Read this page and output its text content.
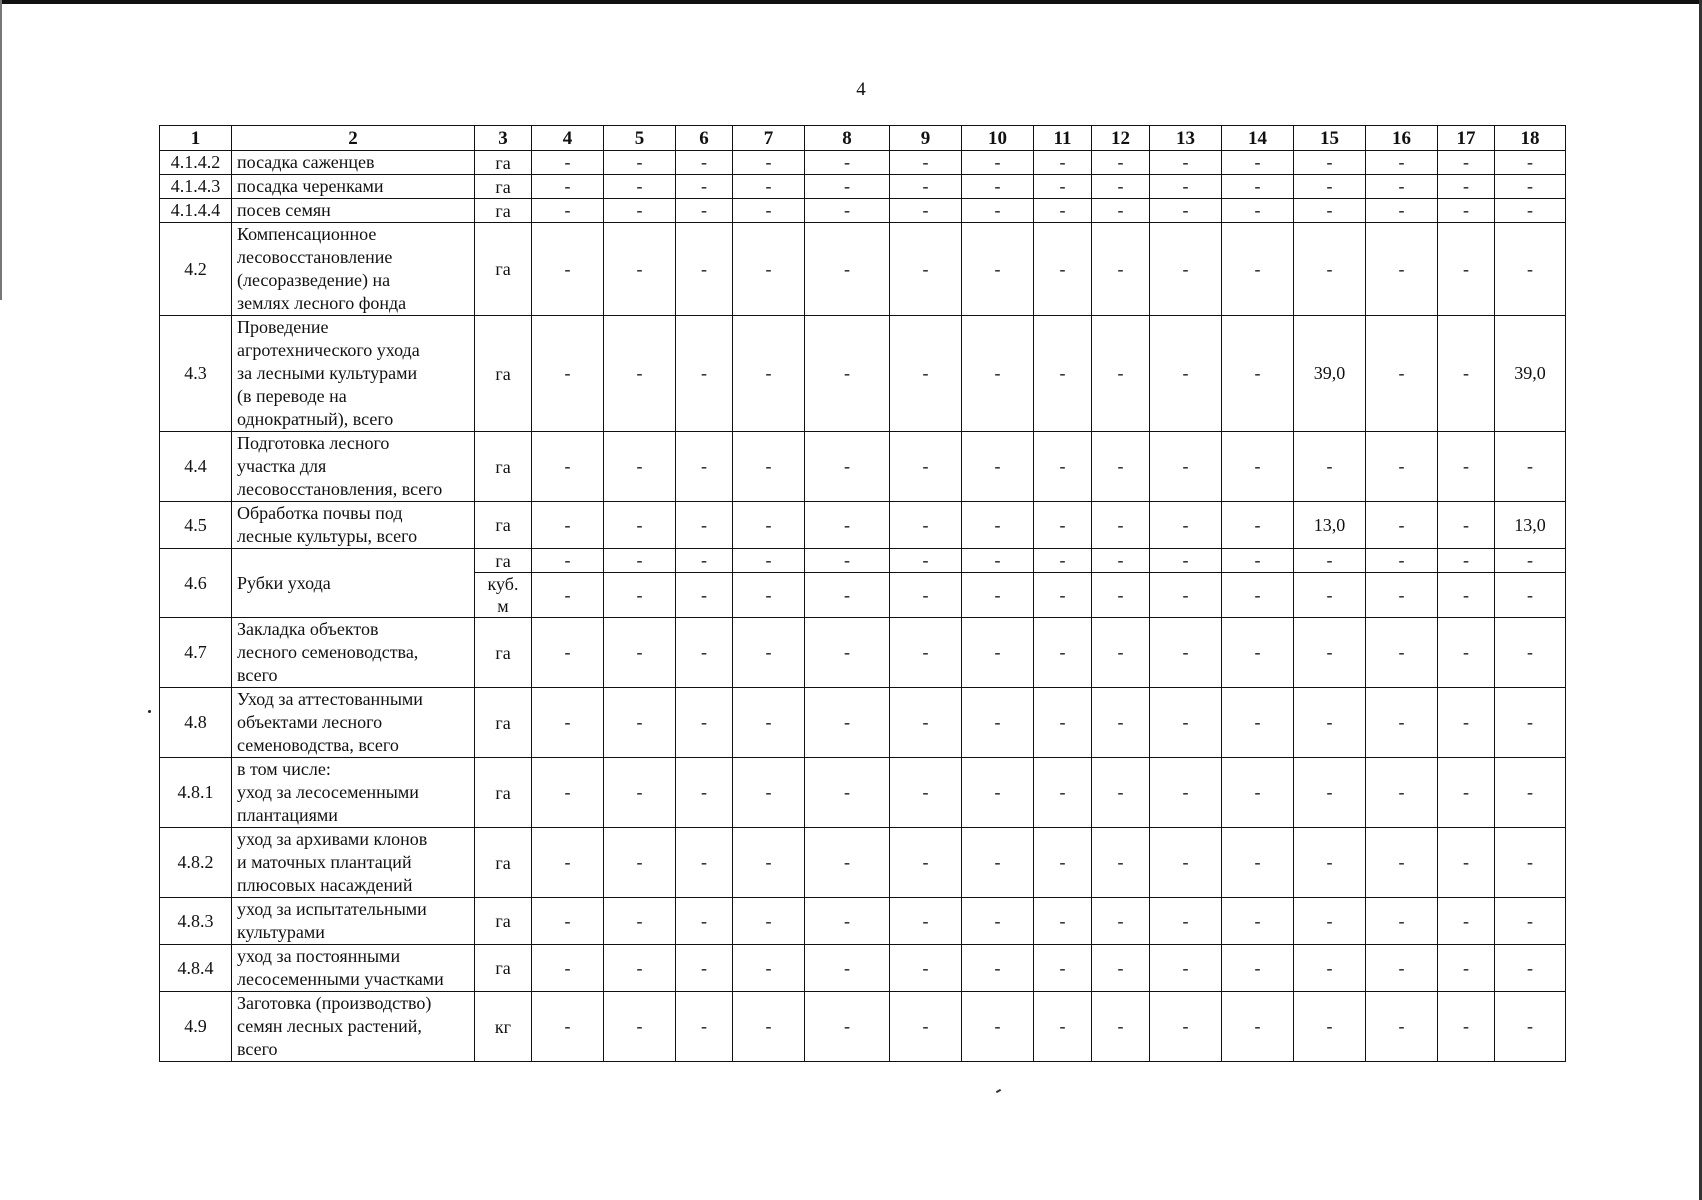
4
1	2	3	4	5	6	7	8	9	10	11	12	13	14	15	16	17	18
4.1.4.2	посадка саженцев	га	-	-	-	-	-	-	-	-	-	-	-	-	-	-	-
4.1.4.3	посадка черенками	га	-	-	-	-	-	-	-	-	-	-	-	-	-	-	-
4.1.4.4	посев семян	га	-	-	-	-	-	-	-	-	-	-	-	-	-	-	-
4.2	Компенсационное
лесовосстановление
(лесоразведение) на
землях лесного фонда	га	-	-	-	-	-	-	-	-	-	-	-	-	-	-	-
4.3	Проведение
агротехнического ухода
за лесными культурами
(в переводе на
однократный), всего	га	-	-	-	-	-	-	-	-	-	-	-	39,0	-	-	39,0
4.4	Подготовка лесного
участка для
лесовосстановления, всего	га	-	-	-	-	-	-	-	-	-	-	-	-	-	-	-
4.5	Обработка почвы под
лесные культуры, всего	га	-	-	-	-	-	-	-	-	-	-	-	13,0	-	-	13,0
4.6	Рубки ухода	га	-	-	-	-	-	-	-	-	-	-	-	-	-	-	-
		куб.
м	-	-	-	-	-	-	-	-	-	-	-	-	-	-	-
4.7	Закладка объектов
лесного семеноводства,
всего	га	-	-	-	-	-	-	-	-	-	-	-	-	-	-	-
4.8	Уход за аттестованными
объектами лесного
семеноводства, всего	га	-	-	-	-	-	-	-	-	-	-	-	-	-	-	-
4.8.1	в том числе:
уход за лесосеменными
плантациями	га	-	-	-	-	-	-	-	-	-	-	-	-	-	-	-
4.8.2	уход за архивами клонов
и маточных плантаций
плюсовых насаждений	га	-	-	-	-	-	-	-	-	-	-	-	-	-	-	-
4.8.3	уход за испытательными
культурами	га	-	-	-	-	-	-	-	-	-	-	-	-	-	-	-
4.8.4	уход за постоянными
лесосеменными участками	га	-	-	-	-	-	-	-	-	-	-	-	-	-	-	-
4.9	Заготовка (производство)
семян лесных растений,
всего	кг	-	-	-	-	-	-	-	-	-	-	-	-	-	-	-
